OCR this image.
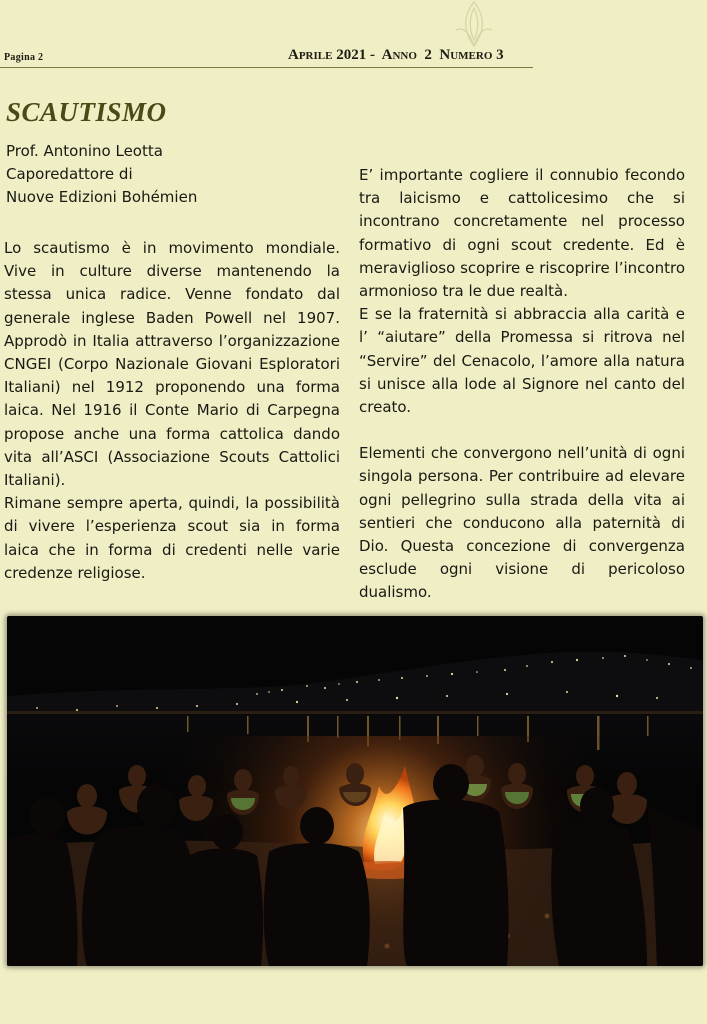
Pagina 2	Aprile 2021 -  Anno  2  Numero 3
SCAUTISMO
Prof. Antonino Leotta
Caporedattore di
Nuove Edizioni Bohémien

Lo scautismo è in movimento mondiale. Vive in culture diverse mantenendo la stessa unica radice. Venne fondato dal generale inglese Baden Powell nel 1907. Approdò in Italia attraverso l’organizzazione CNGEI (Corpo Nazionale Giovani Esploratori Italiani) nel 1912 proponendo una forma laica. Nel 1916 il Conte Mario di Carpegna propose anche una forma cattolica dando vita all’ASCI (Associazione Scouts Cattolici Italiani).

Rimane sempre aperta, quindi, la possibilità di vivere l’esperienza scout sia in forma laica che in forma di credenti nelle varie credenze religiose.

E’ importante cogliere il connubio fecondo tra laicismo e cattolicesimo che si incontrano concretamente nel processo formativo di ogni scout credente. Ed è meraviglioso scoprire e riscoprire l’incontro armonioso tra le due realtà.

E se la fraternità si abbraccia alla carità e l’ “aiutare” della Promessa si ritrova nel “Servire” del Cenacolo, l’amore alla natura si unisce alla lode al Signore nel canto del creato.

Elementi che convergono nell’unità di ogni singola persona. Per contribuire ad elevare ogni pellegrino sulla strada della vita ai sentieri che conducono alla paternità di Dio. Questa concezione di convergenza esclude ogni visione di pericoloso dualismo.
